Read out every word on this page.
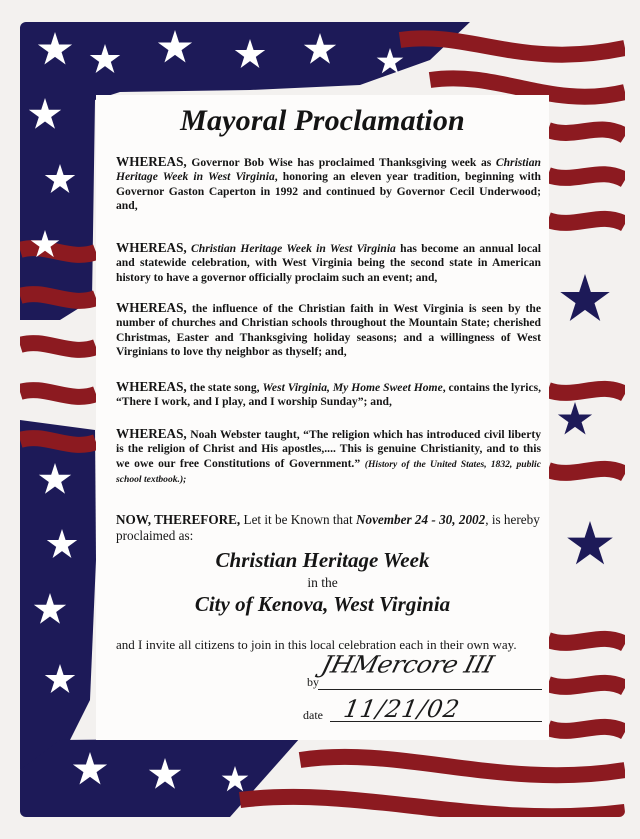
Mayoral Proclamation

WHEREAS, Governor Bob Wise has proclaimed Thanksgiving week as Christian Heritage Week in West Virginia, honoring an eleven year tradition, beginning with Governor Gaston Caperton in 1992 and continued by Governor Cecil Underwood; and,

WHEREAS, Christian Heritage Week in West Virginia has become an annual local and statewide celebration, with West Virginia being the second state in American history to have a governor officially proclaim such an event; and,

WHEREAS, the influence of the Christian faith in West Virginia is seen by the number of churches and Christian schools throughout the Mountain State; cherished Christmas, Easter and Thanksgiving holiday seasons; and a willingness of West Virginians to love thy neighbor as thyself; and,

WHEREAS, the state song, West Virginia, My Home Sweet Home, contains the lyrics, “There I work, and I play, and I worship Sunday”; and,

WHEREAS, Noah Webster taught, “The religion which has introduced civil liberty is the religion of Christ and His apostles,.... This is genuine Christianity, and to this we owe our free Constitutions of Government.” (History of the United States, 1832, public school textbook.);

NOW, THEREFORE, Let it be Known that November 24 - 30, 2002, is hereby proclaimed as:

Christian Heritage Week
in the
City of Kenova, West Virginia

and I invite all citizens to join in this local celebration each in their own way.

by
JHMercore III
date 11/21/02
